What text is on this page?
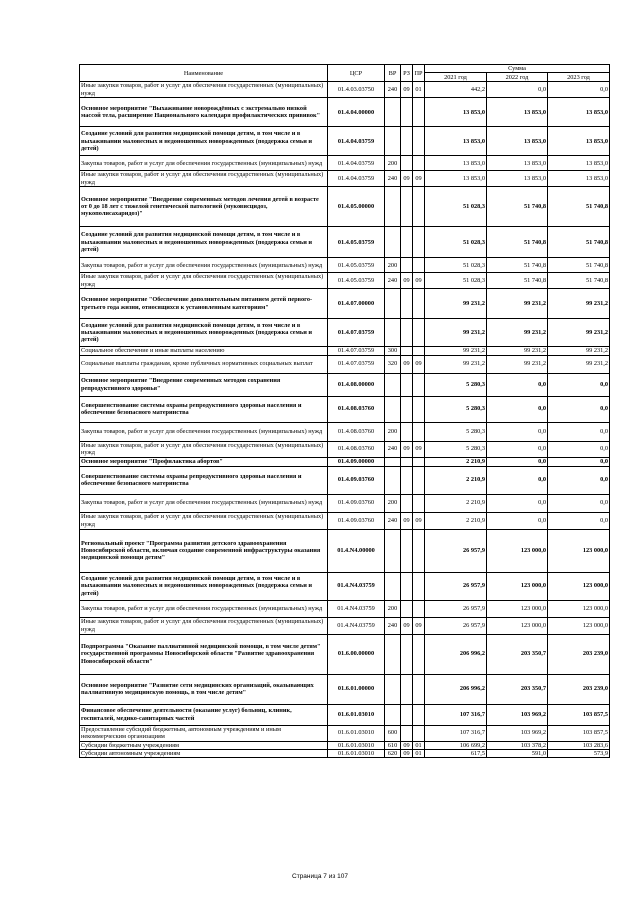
Наименование	ЦСР	ВР	РЗ	ПР	Сумма		
					2021 год	2022 год	2023 год
Иные закупки товаров, работ и услуг для обеспечения государственных (муниципальных) нужд	01.4.03.03750	240	09	01	442,2	0,0	0,0
Основное мероприятие "Выхаживание новорождённых с экстремально низкой массой тела, расширение Национального календаря профилактических прививок"	01.4.04.00000				13 853,0	13 853,0	13 853,0
Создание условий для развития медицинской помощи детям, в том числе и в выхаживании маловесных и недоношенных новорожденных (поддержка семьи и детей)	01.4.04.03759				13 853,0	13 853,0	13 853,0
Закупка товаров, работ и услуг для обеспечения государственных (муниципальных) нужд	01.4.04.03759	200			13 853,0	13 853,0	13 853,0
Иные закупки товаров, работ и услуг для обеспечения государственных (муниципальных) нужд	01.4.04.03759	240	09	09	13 853,0	13 853,0	13 853,0
Основное мероприятие "Внедрение современных методов лечения детей в возрасте от 0 до 18 лет с тяжелой генетической патологией (муковисцидоз, мукополисахаридоз)"	01.4.05.00000				51 028,3	51 740,8	51 740,8
Создание условий для развития медицинской помощи детям, в том числе и в выхаживании маловесных и недоношенных новорожденных (поддержка семьи и детей)	01.4.05.03759				51 028,3	51 740,8	51 740,8
Закупка товаров, работ и услуг для обеспечения государственных (муниципальных) нужд	01.4.05.03759	200			51 028,3	51 740,8	51 740,8
Иные закупки товаров, работ и услуг для обеспечения государственных (муниципальных) нужд	01.4.05.03759	240	09	09	51 028,3	51 740,8	51 740,8
Основное мероприятие "Обеспечение дополнительным питанием детей первого-третьего года жизни, относящихся к установленным категориям"	01.4.07.00000				99 231,2	99 231,2	99 231,2
Создание условий для развития медицинской помощи детям, в том числе и в выхаживании маловесных и недоношенных новорожденных (поддержка семьи и детей)	01.4.07.03759				99 231,2	99 231,2	99 231,2
Социальное обеспечение и иные выплаты населению	01.4.07.03759	300			99 231,2	99 231,2	99 231,2
Социальные выплаты гражданам, кроме публичных нормативных социальных выплат	01.4.07.03759	320	09	09	99 231,2	99 231,2	99 231,2
Основное мероприятие "Внедрение современных методов сохранения репродуктивного здоровья"	01.4.08.00000				5 280,3	0,0	0,0
Совершенствование системы охраны репродуктивного здоровья населения и обеспечение безопасного материнства	01.4.08.03760				5 280,3	0,0	0,0
Закупка товаров, работ и услуг для обеспечения государственных (муниципальных) нужд	01.4.08.03760	200			5 280,3	0,0	0,0
Иные закупки товаров, работ и услуг для обеспечения государственных (муниципальных) нужд	01.4.08.03760	240	09	09	5 280,3	0,0	0,0
Основное мероприятие "Профилактика абортов"	01.4.09.00000				2 210,9	0,0	0,0
Совершенствование системы охраны репродуктивного здоровья населения и обеспечение безопасного материнства	01.4.09.03760				2 210,9	0,0	0,0
Закупка товаров, работ и услуг для обеспечения государственных (муниципальных) нужд	01.4.09.03760	200			2 210,9	0,0	0,0
Иные закупки товаров, работ и услуг для обеспечения государственных (муниципальных) нужд	01.4.09.03760	240	09	09	2 210,9	0,0	0,0
Региональный проект "Программа развития детского здравоохранения Новосибирской области, включая создание современной инфраструктуры оказания медицинской помощи детям"	01.4.N4.00000				26 957,9	123 000,0	123 000,0
Создание условий для развития медицинской помощи детям, в том числе и в выхаживании маловесных и недоношенных новорожденных (поддержка семьи и детей)	01.4.N4.03759				26 957,9	123 000,0	123 000,0
Закупка товаров, работ и услуг для обеспечения государственных (муниципальных) нужд	01.4.N4.03759	200			26 957,9	123 000,0	123 000,0
Иные закупки товаров, работ и услуг для обеспечения государственных (муниципальных) нужд	01.4.N4.03759	240	09	09	26 957,9	123 000,0	123 000,0
Подпрограмма "Оказание паллиативной медицинской помощи, в том числе детям" государственной программы Новосибирской области "Развитие здравоохранения Новосибирской области"	01.6.00.00000				206 996,2	203 350,7	203 239,0
Основное мероприятие "Развитие сети медицинских организаций, оказывающих паллиативную медицинскую помощь, в том числе детям"	01.6.01.00000				206 996,2	203 350,7	203 239,0
Финансовое обеспечение деятельности (оказание услуг) больниц, клиник, госпиталей, медико-санитарных частей	01.6.01.03010				107 316,7	103 969,2	103 857,5
Предоставление субсидий бюджетным, автономным учреждениям и иным некоммерческим организациям	01.6.01.03010	600			107 316,7	103 969,2	103 857,5
Субсидии бюджетным учреждениям	01.6.01.03010	610	09	01	106 699,2	103 378,2	103 283,6
Субсидии автономным учреждениям	01.6.01.03010	620	09	01	617,5	591,0	573,9
Страница 7 из 107
